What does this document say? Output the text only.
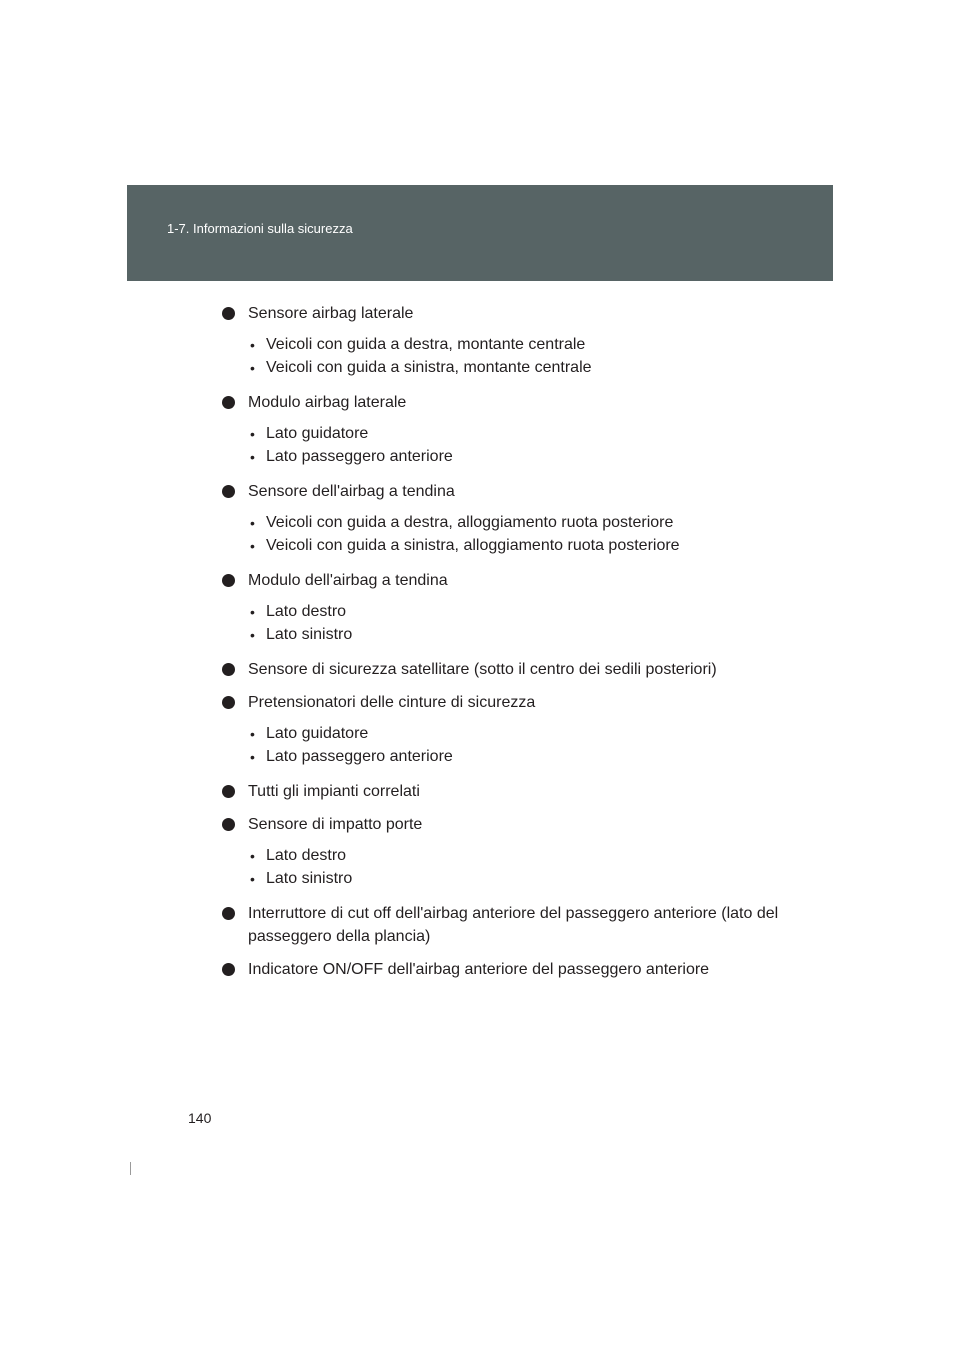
1-7. Informazioni sulla sicurezza
Sensore airbag laterale
• Veicoli con guida a destra, montante centrale
• Veicoli con guida a sinistra, montante centrale
Modulo airbag laterale
• Lato guidatore
• Lato passeggero anteriore
Sensore dell'airbag a tendina
• Veicoli con guida a destra, alloggiamento ruota posteriore
• Veicoli con guida a sinistra, alloggiamento ruota posteriore
Modulo dell'airbag a tendina
• Lato destro
• Lato sinistro
Sensore di sicurezza satellitare (sotto il centro dei sedili posteriori)
Pretensionatori delle cinture di sicurezza
• Lato guidatore
• Lato passeggero anteriore
Tutti gli impianti correlati
Sensore di impatto porte
• Lato destro
• Lato sinistro
Interruttore di cut off dell'airbag anteriore del passeggero anteriore (lato del passeggero della plancia)
Indicatore ON/OFF dell'airbag anteriore del passeggero anteriore
140
